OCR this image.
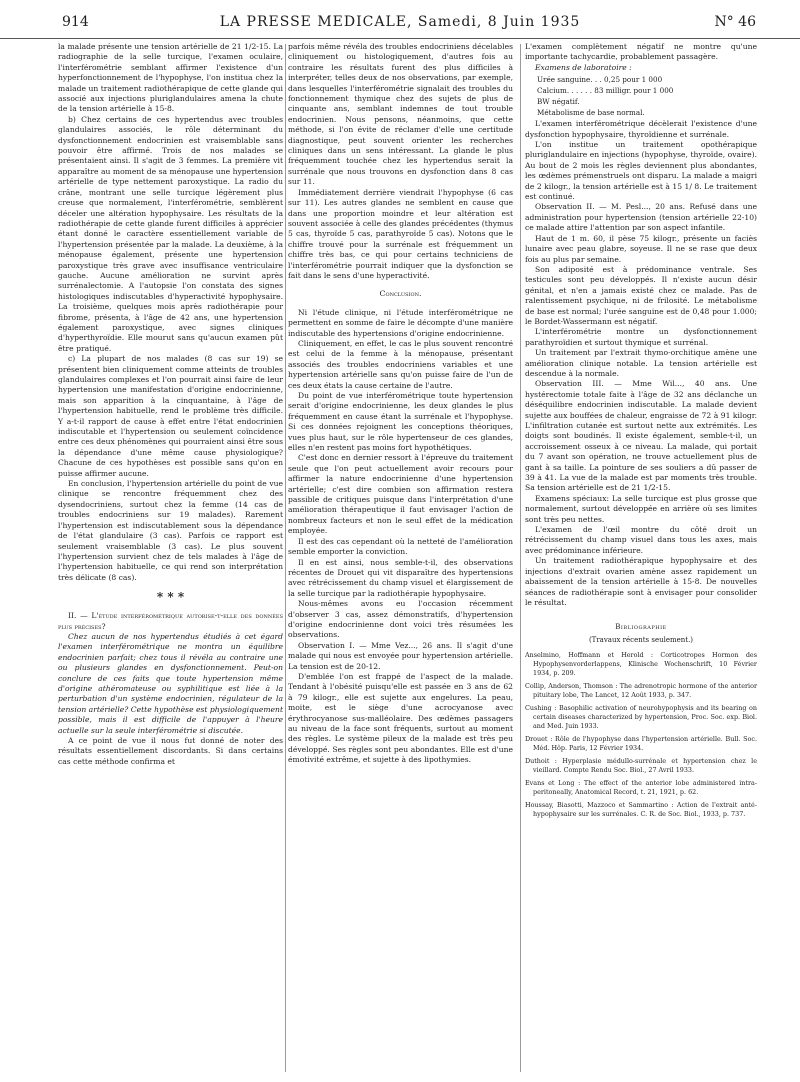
914	LA PRESSE MEDICALE, Samedi, 8 Juin 1935	N° 46

la malade présente une tension artérielle de 21 1/2-15. La radiographie de la selle turcique, l'examen oculaire, l'interférométrie semblant affirmer l'existence d'un hyperfonctionnement de l'hypophyse, l'on institua chez la malade un traitement radiothérapique de cette glande qui associé aux injections pluriglandulaires amena la chute de la tension artérielle à 15-8.

b) Chez certains de ces hypertendus avec troubles glandulaires associés, le rôle déterminant du dysfonctionnement endocrinien est vraisemblable sans pouvoir être affirmé. Trois de nos malades se présentaient ainsi. Il s'agit de 3 femmes. La première vit apparaître au moment de sa ménopause une hypertension artérielle de type nettement paroxystique. La radio du crâne, montrant une selle turcique légèrement plus creuse que normalement, l'interférométrie, semblèrent déceler une altération hypophysaire. Les résultats de la radiothérapie de cette glande furent difficiles à apprécier étant donné le caractère essentiellement variable de l'hypertension présentée par la malade. La deuxième, à la ménopause également, présente une hypertension paroxystique très grave avec insuffisance ventriculaire gauche. Aucune amélioration ne survint après surrénalectomie. A l'autopsie l'on constata des signes histologiques indiscutables d'hyperactivité hypophysaire. La troisième, quelques mois après radiothérapie pour fibrome, présenta, à l'âge de 42 ans, une hypertension également paroxystique, avec signes cliniques d'hyperthyroïdie. Elle mourut sans qu'aucun examen pût être pratiqué.

c) La plupart de nos malades (8 cas sur 19) se présentent bien cliniquement comme atteints de troubles glandulaires complexes et l'on pourrait ainsi faire de leur hypertension une manifestation d'origine endocrinienne, mais son apparition à la cinquantaine, à l'âge de l'hypertension habituelle, rend le problème très difficile. Y a-t-il rapport de cause à effet entre l'état endocrinien indiscutable et l'hypertension ou seulement coïncidence entre ces deux phénomènes qui pourraient ainsi être sous la dépendance d'une même cause physiologique? Chacune de ces hypothèses est possible sans qu'on en puisse affirmer aucune.

En conclusion, l'hypertension artérielle du point de vue clinique se rencontre fréquemment chez des dysendocriniens, surtout chez la femme (14 cas de troubles endocriniens sur 19 malades). Rarement l'hypertension est indiscutablement sous la dépendance de l'état glandulaire (3 cas). Parfois ce rapport est seulement vraisemblable (3 cas). Le plus souvent l'hypertension survient chez de tels malades à l'âge de l'hypertension habituelle, ce qui rend son interprétation très délicate (8 cas).

* * *

II. — L'étude interférométrique autorise-t-elle des données plus précises?

Chez aucun de nos hypertendus étudiés à cet égard l'examen interférométrique ne montra un équilibre endocrinien parfait; chez tous il révéla au contraire une ou plusieurs glandes en dysfonctionnement. Peut-on conclure de ces faits que toute hypertension même d'origine athéromateuse ou syphilitique est liée à la perturbation d'un système endocrinien, régulateur de la tension artérielle? Cette hypothèse est physiologiquement possible, mais il est difficile de l'appuyer à l'heure actuelle sur la seule interférométrie si discutée.

A ce point de vue il nous fut donné de noter des résultats essentiellement discordants. Si dans certains cas cette méthode confirma et

parfois même révéla des troubles endocriniens décelables cliniquement ou histologiquement, d'autres fois au contraire les résultats furent des plus difficiles à interpréter, telles deux de nos observations, par exemple, dans lesquelles l'interférométrie signalait des troubles du fonctionnement thymique chez des sujets de plus de cinquante ans, semblant indemnes de tout trouble endocrinien. Nous pensons, néanmoins, que cette méthode, si l'on évite de réclamer d'elle une certitude diagnostique, peut souvent orienter les recherches cliniques dans un sens intéressant. La glande le plus fréquemment touchée chez les hypertendus serait la surrénale que nous trouvons en dysfonction dans 8 cas sur 11.

Immédiatement derrière viendrait l'hypophyse (6 cas sur 11). Les autres glandes ne semblent en cause que dans une proportion moindre et leur altération est souvent associée à celle des glandes précédentes (thymus 5 cas, thyroïde 5 cas, parathyroïde 5 cas). Notons que le chiffre trouvé pour la surrénale est fréquemment un chiffre très bas, ce qui pour certains techniciens de l'interférométrie pourrait indiquer que la dysfonction se fait dans le sens d'une hyperactivité.

Conclusion.

Ni l'étude clinique, ni l'étude interférométrique ne permettent en somme de faire le décompte d'une manière indiscutable des hypertensions d'origine endocrinienne.

Cliniquement, en effet, le cas le plus souvent rencontré est celui de la femme à la ménopause, présentant associés des troubles endocriniens variables et une hypertension artérielle sans qu'on puisse faire de l'un de ces deux états la cause certaine de l'autre.

Du point de vue interférométrique toute hypertension serait d'origine endocrinienne, les deux glandes le plus fréquemment en cause étant la surrénale et l'hypophyse. Si ces données rejoignent les conceptions théoriques, vues plus haut, sur le rôle hypertenseur de ces glandes, elles n'en restent pas moins fort hypothétiques.

C'est donc en dernier ressort à l'épreuve du traitement seule que l'on peut actuellement avoir recours pour affirmer la nature endocrinienne d'une hypertension artérielle; c'est dire combien son affirmation restera passible de critiques puisque dans l'interprétation d'une amélioration thérapeutique il faut envisager l'action de nombreux facteurs et non le seul effet de la médication employée.

Il est des cas cependant où la netteté de l'amélioration semble emporter la conviction.

Il en est ainsi, nous semble-t-il, des observations récentes de Drouet qui vit disparaître des hypertensions avec rétrécissement du champ visuel et élargissement de la selle turcique par la radiothérapie hypophysaire.

Nous-mêmes avons eu l'occasion récemment d'observer 3 cas, assez démonstratifs, d'hypertension d'origine endocrinienne dont voici très résumées les observations.

Observation I. — Mme Vez..., 26 ans. Il s'agit d'une malade qui nous est envoyée pour hypertension artérielle. La tension est de 20-12.

D'emblée l'on est frappé de l'aspect de la malade. Tendant à l'obésité puisqu'elle est passée en 3 ans de 62 à 79 kilogr., elle est sujette aux engelures. La peau, moite, est le siège d'une acrocyanose avec érythrocyanose sus-malléolaire. Des œdèmes passagers au niveau de la face sont fréquents, surtout au moment des règles. Le système pileux de la malade est très peu développé. Ses règles sont peu abondantes. Elle est d'une émotivité extrême, et sujette à des lipothymies.

L'examen complètement négatif ne montre qu'une importante tachycardie, probablement passagère.

Examens de laboratoire :

Urée sanguine. . . 0,25 pour 1 000
Calcium. . . . . . 83 milligr. pour 1 000
BW négatif.
Métabolisme de base normal.

L'examen interférométrique décèlerait l'existence d'une dysfonction hypophysaire, thyroïdienne et surrénale.

L'on institue un traitement opothérapique pluriglandulaire en injections (hypophyse, thyroïde, ovaire). Au bout de 2 mois les règles deviennent plus abondantes, les œdèmes prémenstruels ont disparu. La malade a maigri de 2 kilogr., la tension artérielle est à 15 1/ 8. Le traitement est continué.

Observation II. — M. Pesl..., 20 ans. Refusé dans une administration pour hypertension (tension artérielle 22-10) ce malade attire l'attention par son aspect infantile.

Haut de 1 m. 60, il pèse 75 kilogr., présente un faciès lunaire avec peau glabre, soyeuse. Il ne se rase que deux fois au plus par semaine.

Son adiposité est à prédominance ventrale. Ses testicules sont peu développés. Il n'existe aucun désir génital, et n'en a jamais existé chez ce malade. Pas de ralentissement psychique, ni de frilosité. Le métabolisme de base est normal; l'urée sanguine est de 0,48 pour 1.000; le Bordet-Wassermann est négatif.

L'interférométrie montre un dysfonctionnement parathyroïdien et surtout thymique et surrénal.

Un traitement par l'extrait thymo-orchitique amène une amélioration clinique notable. La tension artérielle est descendue à la normale.

Observation III. — Mme Wil..., 40 ans. Une hystérectomie totale faite à l'âge de 32 ans déclanche un déséquilibre endocrinien indiscutable. La malade devient sujette aux bouffées de chaleur, engraisse de 72 à 91 kilogr. L'infiltration cutanée est surtout nette aux extrémités. Les doigts sont boudinés. Il existe également, semble-t-il, un accroissement osseux à ce niveau. La malade, qui portait du 7 avant son opération, ne trouve actuellement plus de gant à sa taille. La pointure de ses souliers a dû passer de 39 à 41. La vue de la malade est par moments très trouble. Sa tension artérielle est de 21 1/2-15.

Examens spéciaux: La selle turcique est plus grosse que normalement, surtout développée en arrière où ses limites sont très peu nettes.

L'examen de l'œil montre du côté droit un rétrécissement du champ visuel dans tous les axes, mais avec prédominance inférieure.

Un traitement radiothérapique hypophysaire et des injections d'extrait ovarien amène assez rapidement un abaissement de la tension artérielle à 15-8. De nouvelles séances de radiothérapie sont à envisager pour consolider le résultat.

Bibliographie
(Travaux récents seulement.)
Anselmino, Hoffmann et Herold : Corticotropes Hormon des Hypophysenvorderlappens, Klinische Wochenschrift, 10 Février 1934, p. 209.
Collip, Anderson, Thomson : The adrenotropic hormone of the anterior pituitary lobe, The Lancet, 12 Août 1933, p. 347.
Cushing : Basophilic activation of neurohypophysis and its bearing on certain diseases characterized by hypertension, Proc. Soc. exp. Biol. and Med. Juin 1933.
Drouet : Rôle de l'hypophyse dans l'hypertension artérielle. Bull. Soc. Méd. Hôp. Paris, 12 Février 1934.
Duthoit : Hyperplasie médullo-surrénale et hypertension chez le vieillard. Compte Rendu Soc. Biol., 27 Avril 1933.
Evans et Long : The effect of the anterior lobe administered intra-peritoneally, Anatomical Record, t. 21, 1921, p. 62.
Houssay, Biasotti, Mazzoco et Sammartino : Action de l'extrait anté-hypophysaire sur les surrénales. C. R. de Soc. Biol., 1933, p. 737.
